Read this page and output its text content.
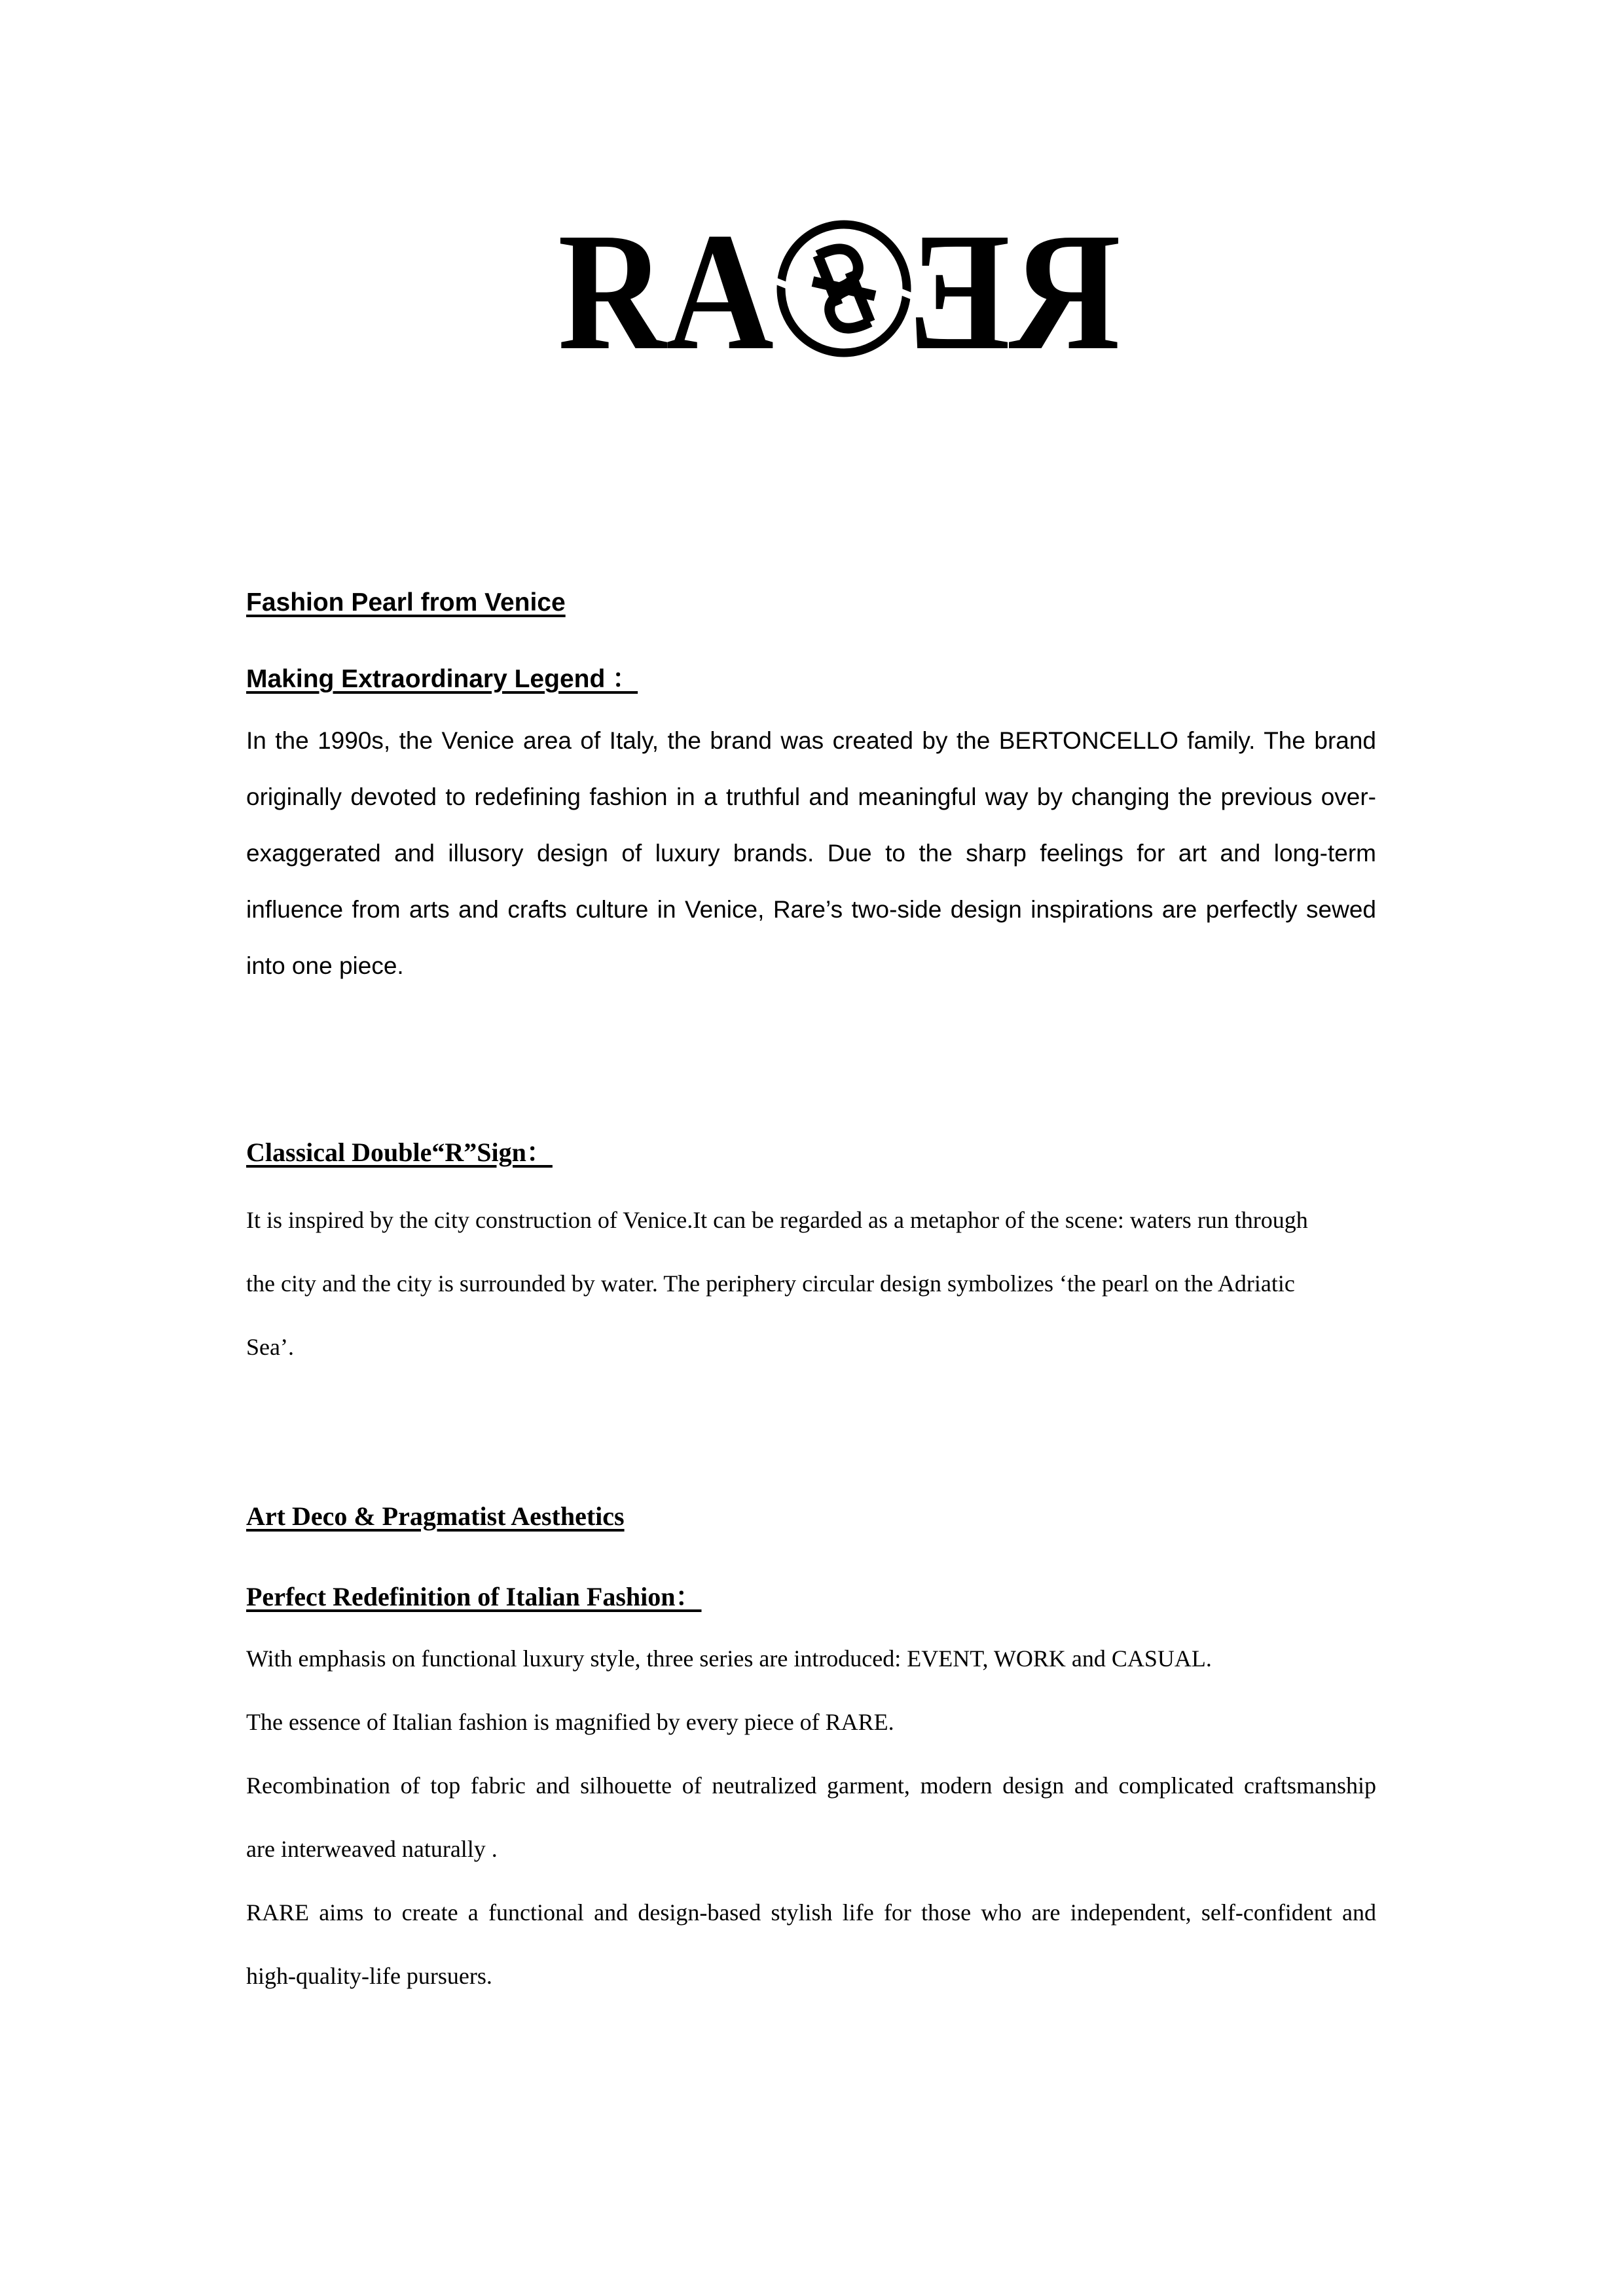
RA RE
Fashion Pearl from Venice
Making Extraordinary Legend ：
In the 1990s, the Venice area of Italy, the brand was created by the BERTONCELLO family. The brand
originally devoted to redefining fashion in a truthful and meaningful way by changing the previous over-
exaggerated and illusory design of luxury brands. Due to the sharp feelings for art and long-term
influence from arts and crafts culture in Venice, Rare’s two-side design inspirations are perfectly sewed
into one piece.
Classical Double“R”Sign：
It is inspired by the city construction of Venice.It can be regarded as a metaphor of the scene: waters run through
the city and the city is surrounded by water. The periphery circular design symbolizes ‘the pearl on the Adriatic
Sea’.
Art Deco & Pragmatist Aesthetics
Perfect Redefinition of Italian Fashion：
With emphasis on functional luxury style, three series are introduced: EVENT, WORK and CASUAL.
The essence of Italian fashion is magnified by every piece of RARE.
Recombination of top fabric and silhouette of neutralized garment, modern design and complicated craftsmanship
are interweaved naturally .
RARE aims to create a functional and design-based stylish life for those who are independent, self-confident and
high-quality-life pursuers.
